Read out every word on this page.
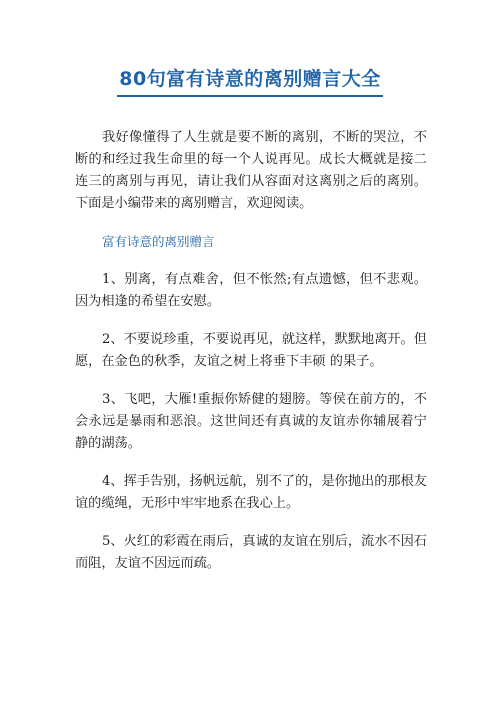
80句富有诗意的离别赠言大全

我好像懂得了人生就是要不断的离别，不断的哭泣，不断的和经过我生命里的每一个人说再见。成长大概就是接二连三的离别与再见，请让我们从容面对这离别之后的离别。下面是小编带来的离别赠言，欢迎阅读。

富有诗意的离别赠言

1、别离，有点难舍，但不怅然;有点遗憾，但不悲观。因为相逢的希望在安慰。

2、不要说珍重，不要说再见，就这样，默默地离开。但愿，在金色的秋季，友谊之树上将垂下丰硕 的果子。

3、飞吧，大雁!重振你矫健的翅膀。等侯在前方的，不会永远是暴雨和恶浪。这世间还有真诚的友谊赤你辅展着宁静的湖荡。

4、挥手告别，扬帆远航，别不了的，是你抛出的那根友谊的缆绳，无形中牢牢地系在我心上。

5、火红的彩霞在雨后，真诚的友谊在别后，流水不因石而阻，友谊不因远而疏。
